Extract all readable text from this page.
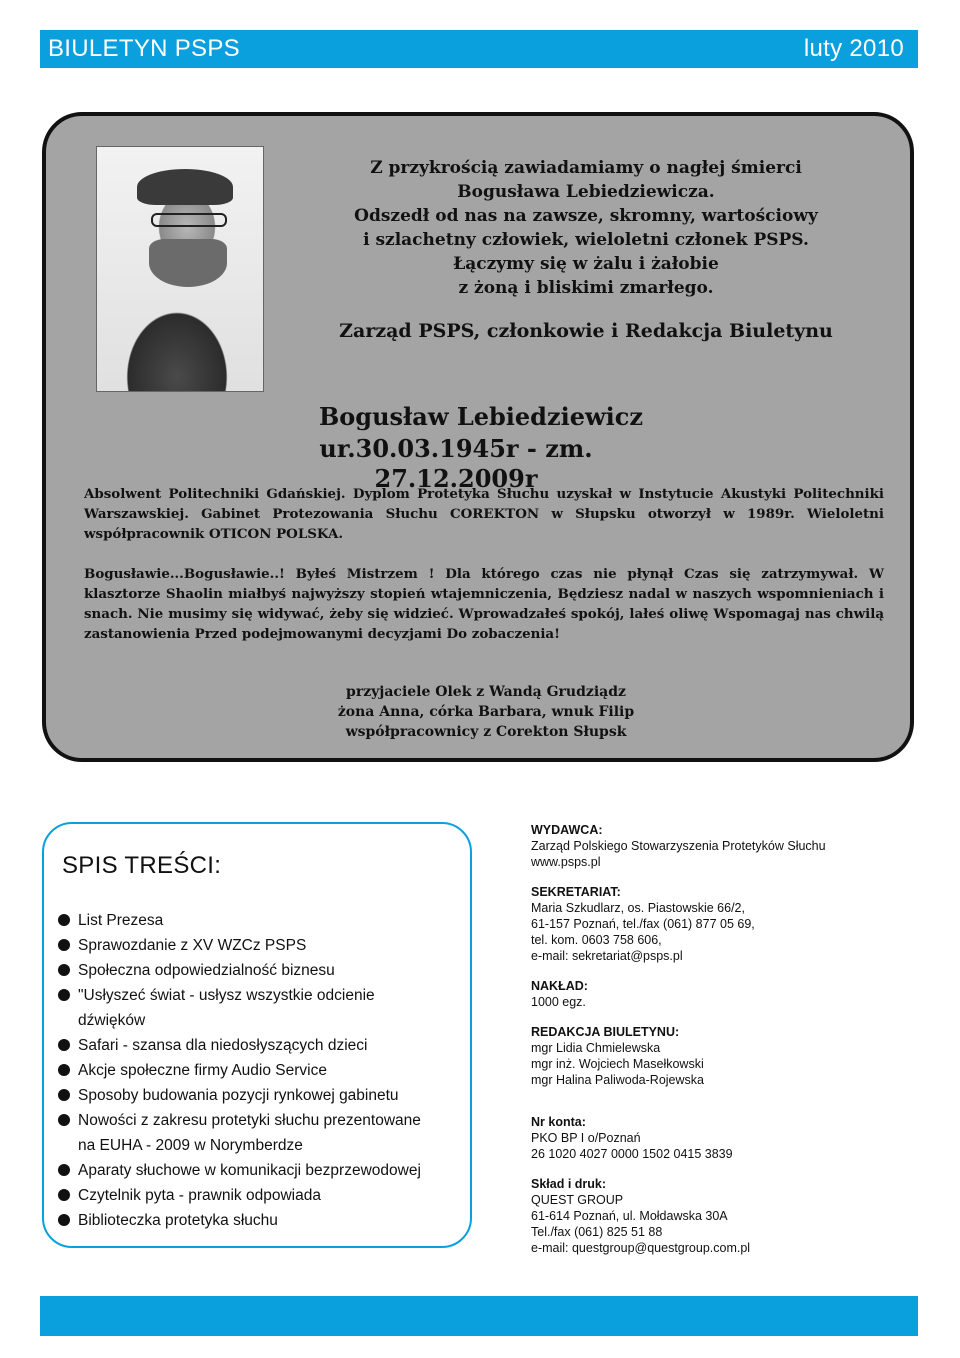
BIULETYN PSPS	luty 2010
Z przykrością zawiadamiamy o nagłej śmierci
Bogusława Lebiedziewicza.
Odszedł od nas na zawsze, skromny, wartościowy
i szlachetny człowiek, wieloletni członek PSPS.
Łączymy się w żalu i żałobie
z żoną i bliskimi zmarłego.
Zarząd PSPS, członkowie i Redakcja Biuletynu
Bogusław Lebiedziewicz
ur.30.03.1945r - zm. 27.12.2009r
Absolwent Politechniki Gdańskiej. Dyplom Protetyka Słuchu uzyskał w Instytucie Akustyki Politechniki Warszawskiej. Gabinet Protezowania Słuchu COREKTON w Słupsku otworzył w 1989r. Wieloletni współpracownik OTICON POLSKA.
Bogusławie...Bogusławie..! Byłeś Mistrzem ! Dla którego czas nie płynął Czas się zatrzymywał. W klasztorze Shaolin miałbyś najwyższy stopień wtajemniczenia, Będziesz nadal w naszych wspomnieniach i snach. Nie musimy się widywać, żeby się widzieć. Wprowadzałeś spokój, lałeś oliwę Wspomagaj nas chwilą zastanowienia Przed podejmowanymi decyzjami Do zobaczenia!
przyjaciele Olek z Wandą Grudziądz
żona Anna, córka Barbara, wnuk Filip
współpracownicy z Corekton Słupsk
SPIS TREŚCI:
List Prezesa
Sprawozdanie z XV WZCz PSPS
Społeczna odpowiedzialność biznesu
"Usłyszeć świat - usłysz wszystkie odcienie
dźwięków
Safari - szansa dla niedosłyszących dzieci
Akcje społeczne firmy Audio Service
Sposoby budowania pozycji rynkowej gabinetu
Nowości z zakresu protetyki słuchu prezentowane
na EUHA - 2009 w Norymberdze
Aparaty słuchowe w komunikacji bezprzewodowej
Czytelnik pyta - prawnik odpowiada
Biblioteczka protetyka słuchu
WYDAWCA:
Zarząd Polskiego Stowarzyszenia Protetyków Słuchu
www.psps.pl
SEKRETARIAT:
Maria Szkudlarz, os. Piastowskie 66/2,
61-157 Poznań, tel./fax (061) 877 05 69,
tel. kom. 0603 758 606,
e-mail: sekretariat@psps.pl
NAKŁAD:
1000 egz.
REDAKCJA BIULETYNU:
mgr Lidia Chmielewska
mgr inż. Wojciech Masełkowski
mgr Halina Paliwoda-Rojewska
Nr konta:
PKO BP I o/Poznań
26 1020 4027 0000 1502 0415 3839
Skład i druk:
QUEST GROUP
61-614 Poznań, ul. Mołdawska 30A
Tel./fax (061) 825 51 88
e-mail: questgroup@questgroup.com.pl
